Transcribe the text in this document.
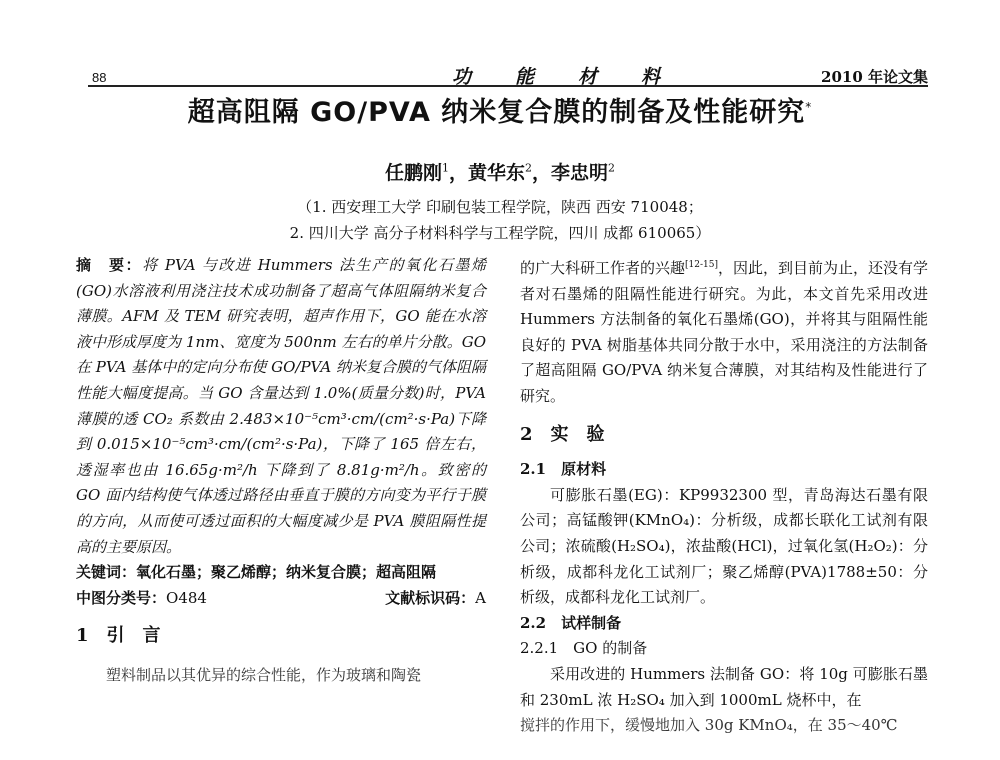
88	功能材料	2010 年论文集
超高阻隔 GO/PVA 纳米复合膜的制备及性能研究*
任鹏刚$^1$，黄华东$^2$，李忠明$^2$
（1. 西安理工大学 印刷包装工程学院，陕西 西安 710048；
2. 四川大学 高分子材料科学与工程学院，四川 成都 610065）

摘　要：将 PVA 与改进 Hummers 法生产的氧化石墨烯(GO)水溶液利用浇注技术成功制备了超高气体阻隔纳米复合薄膜。AFM 及 TEM 研究表明，超声作用下，GO 能在水溶液中形成厚度为 1nm、宽度为 500nm 左右的单片分散。GO 在 PVA 基体中的定向分布使 GO/PVA 纳米复合膜的气体阻隔性能大幅度提高。当 GO 含量达到 1.0%(质量分数)时，PVA 薄膜的透 CO₂ 系数由 2.483×10⁻⁵cm³·cm/(cm²·s·Pa)下降到 0.015×10⁻⁵cm³·cm/(cm²·s·Pa)，下降了 165 倍左右，透湿率也由 16.65g·m²/h 下降到了 8.81g·m²/h。致密的 GO 面内结构使气体透过路径由垂直于膜的方向变为平行于膜的方向，从而使可透过面积的大幅度减少是 PVA 膜阻隔性提高的主要原因。

关键词：氧化石墨；聚乙烯醇；纳米复合膜；超高阻隔

中图分类号：O484	文献标识码：A

1　引　言

塑料制品以其优异的综合性能，作为玻璃和陶瓷

的广大科研工作者的兴趣[12-15]，因此，到目前为止，还没有学者对石墨烯的阻隔性能进行研究。为此，本文首先采用改进 Hummers 方法制备的氧化石墨烯(GO)，并将其与阻隔性能良好的 PVA 树脂基体共同分散于水中，采用浇注的方法制备了超高阻隔 GO/PVA 纳米复合薄膜，对其结构及性能进行了研究。

2　实　验

2.1　原材料

可膨胀石墨(EG)：KP9932300 型，青岛海达石墨有限公司；高锰酸钾(KMnO₄)：分析级，成都长联化工试剂有限公司；浓硫酸(H₂SO₄)，浓盐酸(HCl)，过氧化氢(H₂O₂)：分析级，成都科龙化工试剂厂；聚乙烯醇(PVA)1788±50：分析级，成都科龙化工试剂厂。

2.2　试样制备

2.2.1　GO 的制备

采用改进的 Hummers 法制备 GO：将 10g 可膨胀石墨和 230mL 浓 H₂SO₄ 加入到 1000mL 烧杯中，在

搅拌的作用下，缓慢地加入 30g KMnO₄，在 35～40℃
